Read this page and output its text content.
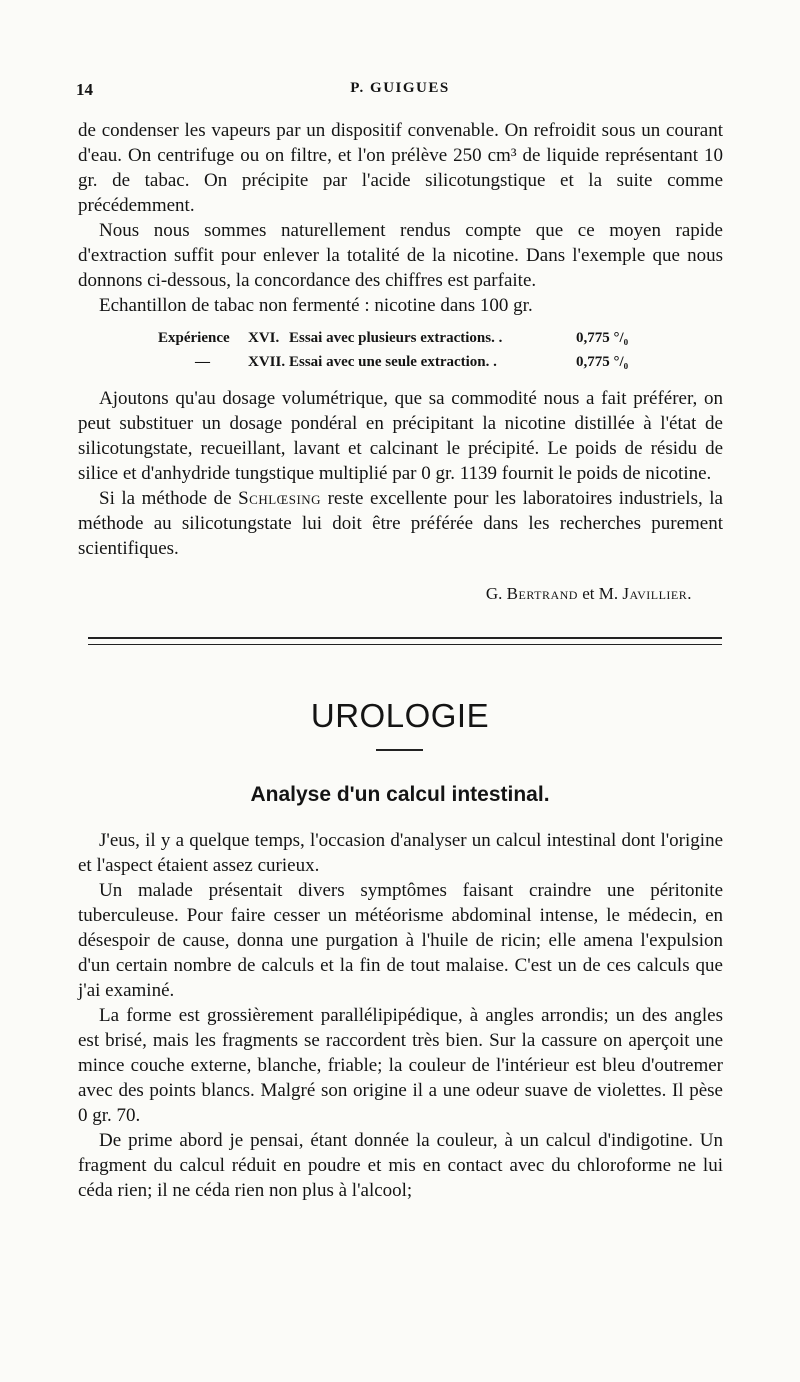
14	P. GUIGUES

de condenser les vapeurs par un dispositif convenable. On refroidit sous un courant d'eau. On centrifuge ou on filtre, et l'on prélève 250 cm³ de liquide représentant 10 gr. de tabac. On précipite par l'acide silicotungstique et la suite comme précédemment.

Nous nous sommes naturellement rendus compte que ce moyen rapide d'extraction suffit pour enlever la totalité de la nicotine. Dans l'exemple que nous donnons ci-dessous, la concordance des chiffres est parfaite.

Echantillon de tabac non fermenté : nicotine dans 100 gr.

Expérience XVI. Essai avec plusieurs extractions. .	0,775 °/₀
—	XVII. Essai avec une seule extraction. .	0,775 °/₀

Ajoutons qu'au dosage volumétrique, que sa commodité nous a fait préférer, on peut substituer un dosage pondéral en précipitant la nicotine distillée à l'état de silicotungstate, recueillant, lavant et calcinant le précipité. Le poids de résidu de silice et d'anhydride tungstique multiplié par 0 gr. 1139 fournit le poids de nicotine.

Si la méthode de Schlœsing reste excellente pour les laboratoires industriels, la méthode au silicotungstate lui doit être préférée dans les recherches purement scientifiques.

G. Bertrand et M. Javillier.
UROLOGIE
Analyse d'un calcul intestinal.

J'eus, il y a quelque temps, l'occasion d'analyser un calcul intestinal dont l'origine et l'aspect étaient assez curieux.

Un malade présentait divers symptômes faisant craindre une péritonite tuberculeuse. Pour faire cesser un météorisme abdominal intense, le médecin, en désespoir de cause, donna une purgation à l'huile de ricin; elle amena l'expulsion d'un certain nombre de calculs et la fin de tout malaise. C'est un de ces calculs que j'ai examiné.

La forme est grossièrement parallélipipédique, à angles arrondis; un des angles est brisé, mais les fragments se raccordent très bien. Sur la cassure on aperçoit une mince couche externe, blanche, friable; la couleur de l'intérieur est bleu d'outremer avec des points blancs. Malgré son origine il a une odeur suave de violettes. Il pèse 0 gr. 70.

De prime abord je pensai, étant donnée la couleur, à un calcul d'indigotine. Un fragment du calcul réduit en poudre et mis en contact avec du chloroforme ne lui céda rien; il ne céda rien non plus à l'alcool;
